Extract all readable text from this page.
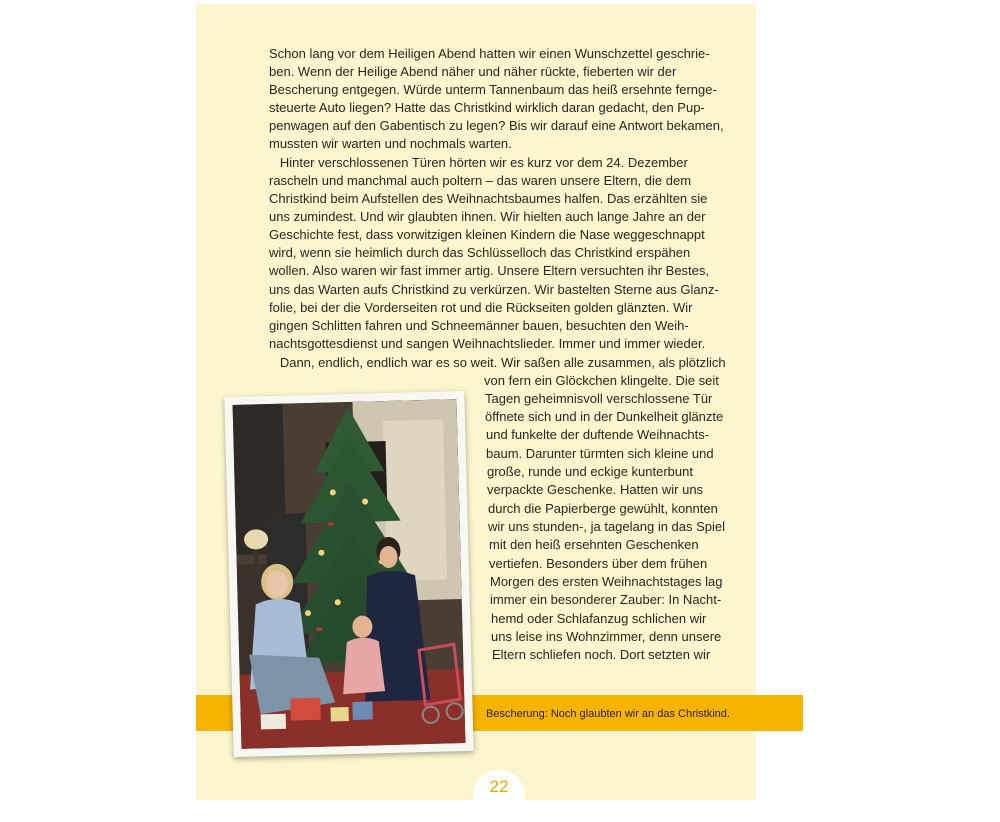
Schon lang vor dem Heiligen Abend hatten wir einen Wunschzettel geschrie-
ben. Wenn der Heilige Abend näher und näher rückte, fieberten wir der
Bescherung entgegen. Würde unterm Tannenbaum das heiß ersehnte fernge-
steuerte Auto liegen? Hatte das Christkind wirklich daran gedacht, den Pup-
penwagen auf den Gabentisch zu legen? Bis wir darauf eine Antwort bekamen,
mussten wir warten und nochmals warten.
Hinter verschlossenen Türen hörten wir es kurz vor dem 24. Dezember
rascheln und manchmal auch poltern – das waren unsere Eltern, die dem
Christkind beim Aufstellen des Weihnachtsbaumes halfen. Das erzählten sie
uns zumindest. Und wir glaubten ihnen. Wir hielten auch lange Jahre an der
Geschichte fest, dass vorwitzigen kleinen Kindern die Nase weggeschnappt
wird, wenn sie heimlich durch das Schlüsselloch das Christkind erspähen
wollen. Also waren wir fast immer artig. Unsere Eltern versuchten ihr Bestes,
uns das Warten aufs Christkind zu verkürzen. Wir bastelten Sterne aus Glanz-
folie, bei der die Vorderseiten rot und die Rückseiten golden glänzten. Wir
gingen Schlitten fahren und Schneemänner bauen, besuchten den Weih-
nachtsgottesdienst und sangen Weihnachtslieder. Immer und immer wieder.
Dann, endlich, endlich war es so weit. Wir saßen alle zusammen, als plötzlich
von fern ein Glöckchen klingelte. Die seit
Tagen geheimnisvoll verschlossene Tür
öffnete sich und in der Dunkelheit glänzte
und funkelte der duftende Weihnachts-
baum. Darunter türmten sich kleine und
große, runde und eckige kunterbunt
verpackte Geschenke. Hatten wir uns
durch die Papierberge gewühlt, konnten
wir uns stunden-, ja tagelang in das Spiel
mit den heiß ersehnten Geschenken
vertiefen. Besonders über dem frühen
Morgen des ersten Weihnachtstages lag
immer ein besonderer Zauber: In Nacht-
hemd oder Schlafanzug schlichen wir
uns leise ins Wohnzimmer, denn unsere
Eltern schliefen noch. Dort setzten wir
Bescherung: Noch glaubten wir an das Christkind.
22
